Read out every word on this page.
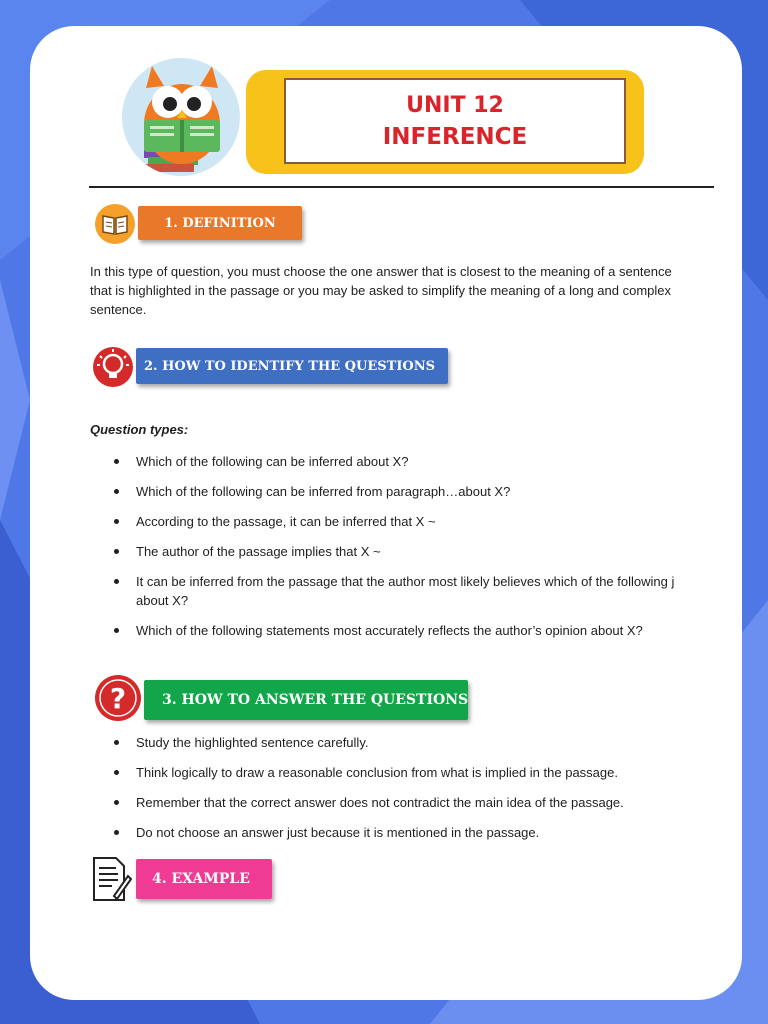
UNIT 12
INFERENCE
1. DEFINITION
In this type of question, you must choose the one answer that is closest to the meaning of a sentence
that is highlighted in the passage or you may be asked to simplify the meaning of a long and complex
sentence.
2. HOW TO IDENTIFY THE QUESTIONS
Question types:
Which of the following can be inferred about X?
Which of the following can be inferred from paragraph…about X?
According to the passage, it can be inferred that X ~
The author of the passage implies that X ~
It can be inferred from the passage that the author most likely believes which of the following j
about X?
Which of the following statements most accurately reflects the author’s opinion about X?
?	3. HOW TO ANSWER THE QUESTIONS
Study the highlighted sentence carefully.
Think logically to draw a reasonable conclusion from what is implied in the passage.
Remember that the correct answer does not contradict the main idea of the passage.
Do not choose an answer just because it is mentioned in the passage.
4. EXAMPLE
